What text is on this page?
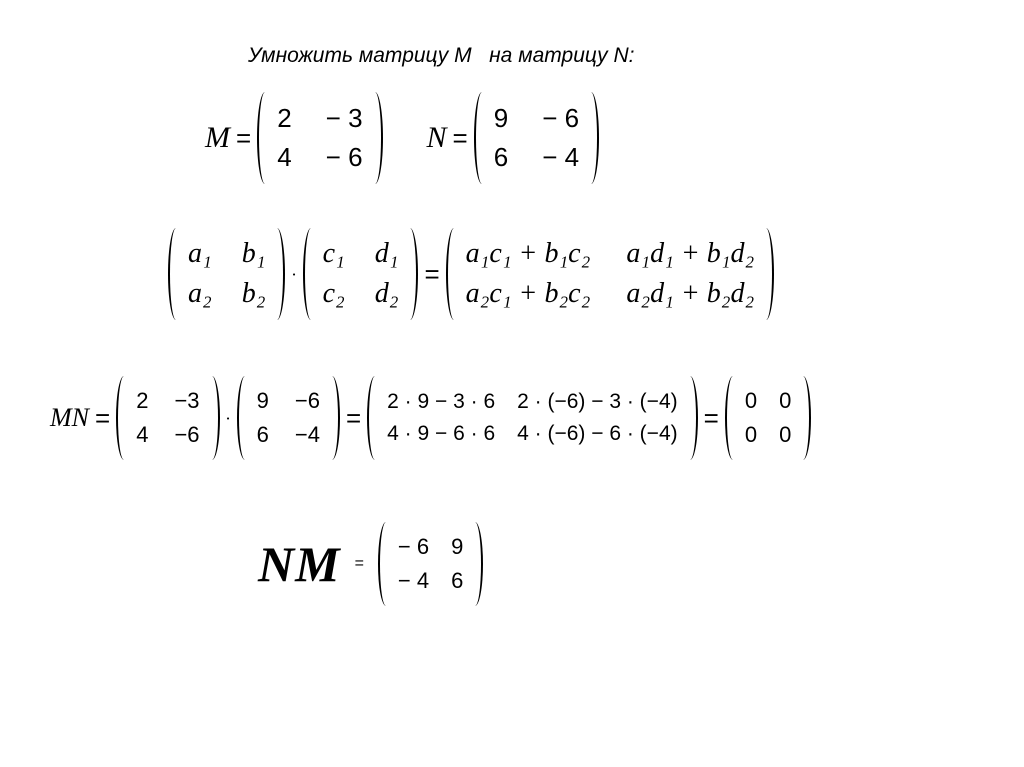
Умножить матрицу M   на матрицу N:
M =
2 − 3
4 − 6
N =
9 − 6
6 − 4
a₁ b₁
a₂ b₂
·
c₁ d₁
c₂ d₂
=
a₁c₁ + b₁c₂ a₁d₁ + b₁d₂
a₂c₁ + b₂c₂ a₂d₁ + b₂d₂
MN =
2 −3
4 −6
·
9 −6
6 −4
=
2 · 9 − 3 · 6 2 · (−6) − 3 · (−4)
4 · 9 − 6 · 6 4 · (−6) − 6 · (−4)
=
0 0
0 0
NM =
− 6 9
− 4 6
